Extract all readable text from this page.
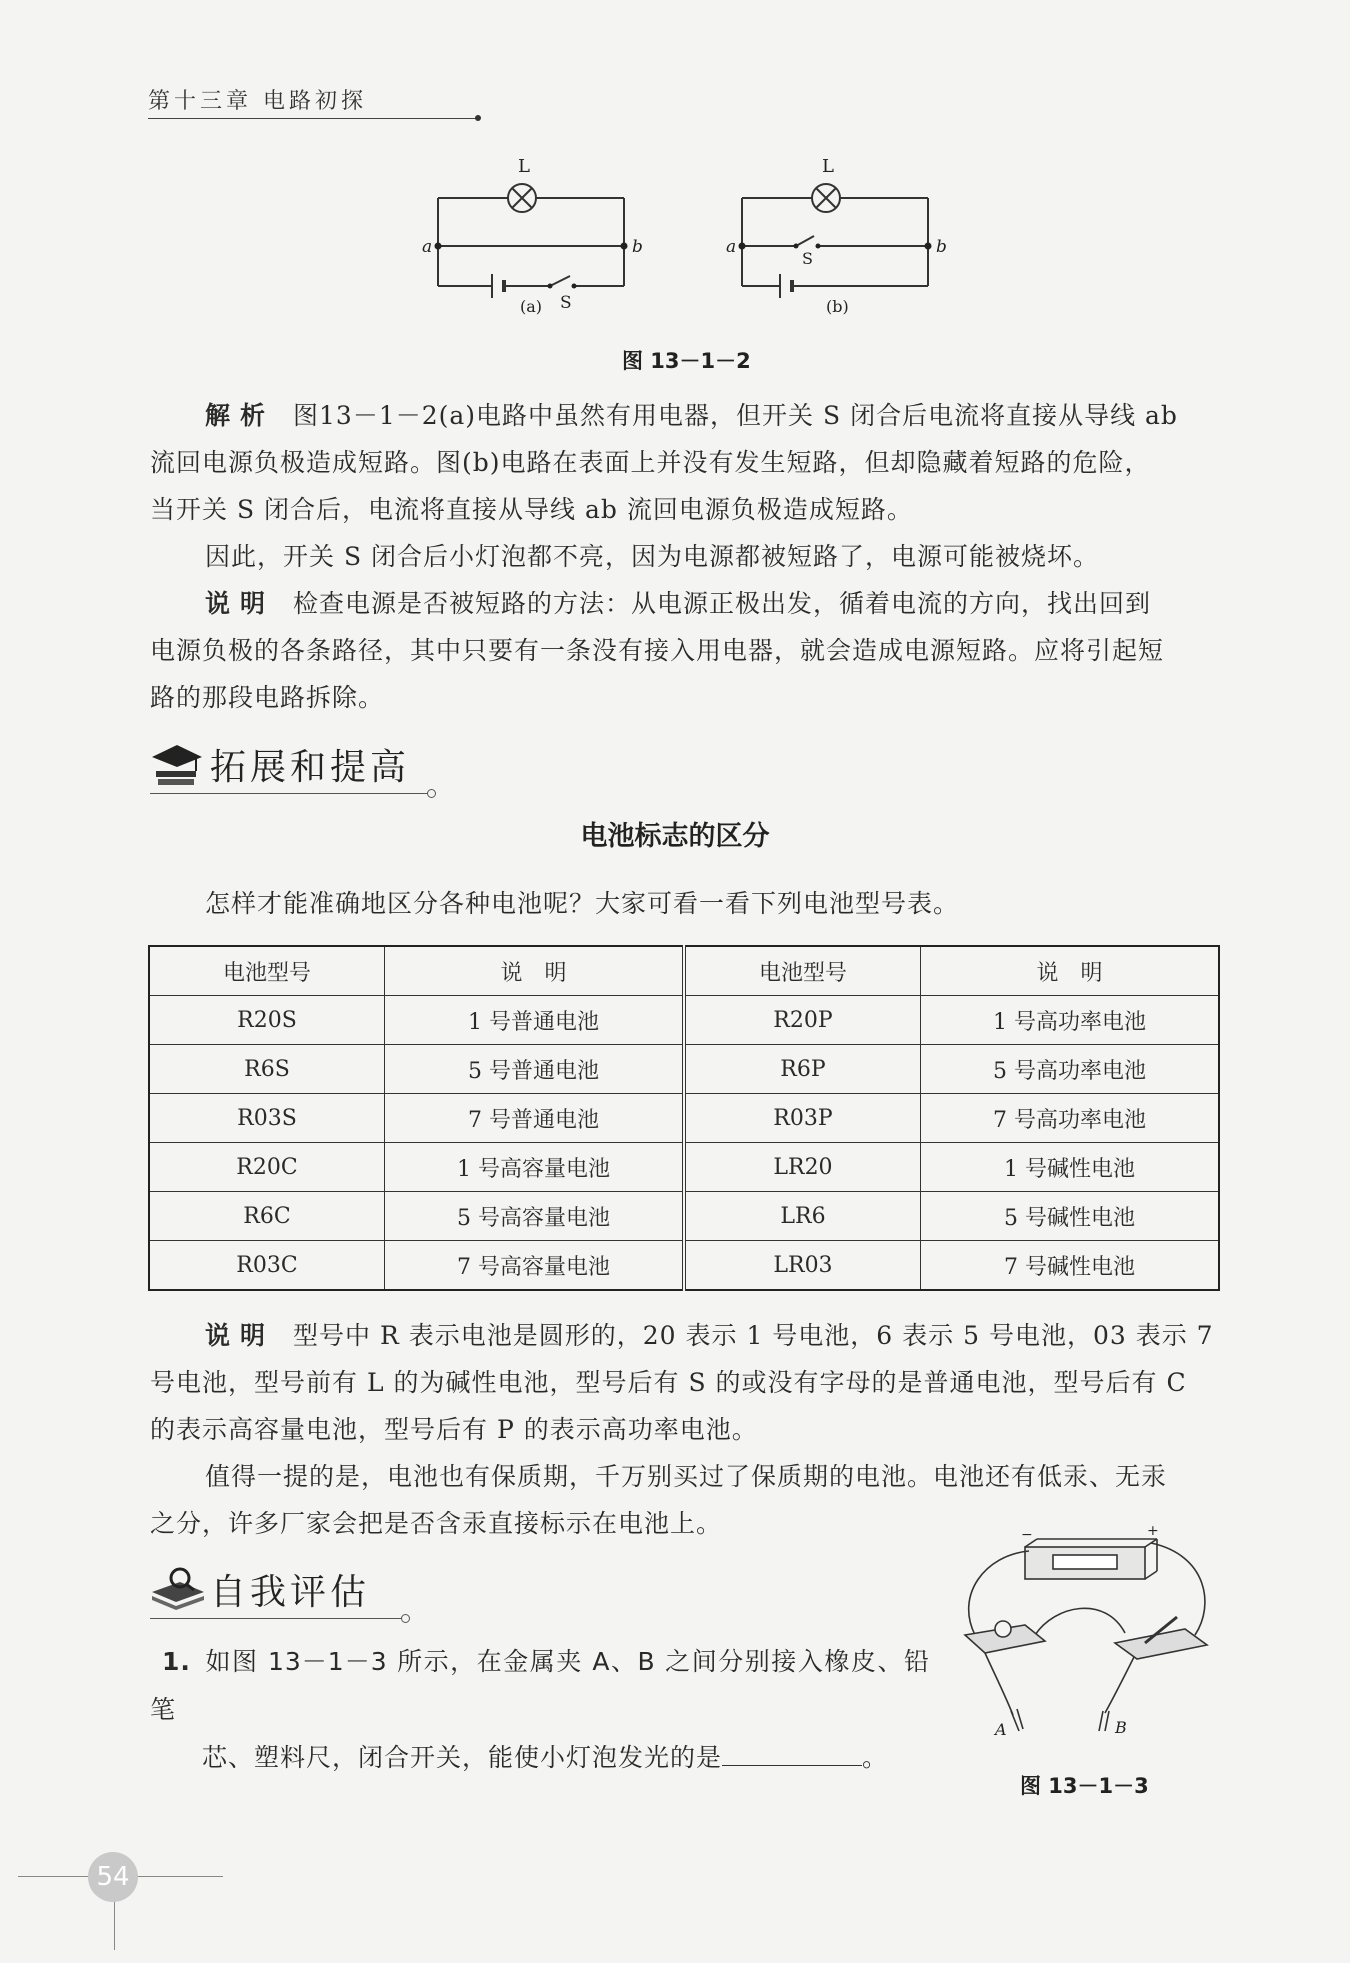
第十三章 电路初探
L
a	b
S
(a)
L
a	b
S
(b)
图 13－1－2
解析 图13－1－2(a)电路中虽然有用电器，但开关 S 闭合后电流将直接从导线 ab
流回电源负极造成短路。图(b)电路在表面上并没有发生短路，但却隐藏着短路的危险，
当开关 S 闭合后，电流将直接从导线 ab 流回电源负极造成短路。
因此，开关 S 闭合后小灯泡都不亮，因为电源都被短路了，电源可能被烧坏。
说明 检查电源是否被短路的方法：从电源正极出发，循着电流的方向，找出回到
电源负极的各条路径，其中只要有一条没有接入用电器，就会造成电源短路。应将引起短
路的那段电路拆除。
拓展和提高
电池标志的区分
怎样才能准确地区分各种电池呢？大家可看一看下列电池型号表。
电池型号	说　明	电池型号	说　明
R20S	1 号普通电池	R20P	1 号高功率电池
R6S	5 号普通电池	R6P	5 号高功率电池
R03S	7 号普通电池	R03P	7 号高功率电池
R20C	1 号高容量电池	LR20	1 号碱性电池
R6C	5 号高容量电池	LR6	5 号碱性电池
R03C	7 号高容量电池	LR03	7 号碱性电池
说明 型号中 R 表示电池是圆形的，20 表示 1 号电池，6 表示 5 号电池，03 表示 7
号电池，型号前有 L 的为碱性电池，型号后有 S 的或没有字母的是普通电池，型号后有 C
的表示高容量电池，型号后有 P 的表示高功率电池。
值得一提的是，电池也有保质期，千万别买过了保质期的电池。电池还有低汞、无汞
之分，许多厂家会把是否含汞直接标示在电池上。
自我评估
1. 如图 13－1－3 所示，在金属夹 A、B 之间分别接入橡皮、铅笔
芯、塑料尺，闭合开关，能使小灯泡发光的是	。
−	+
A	B
图 13－1－3
54
